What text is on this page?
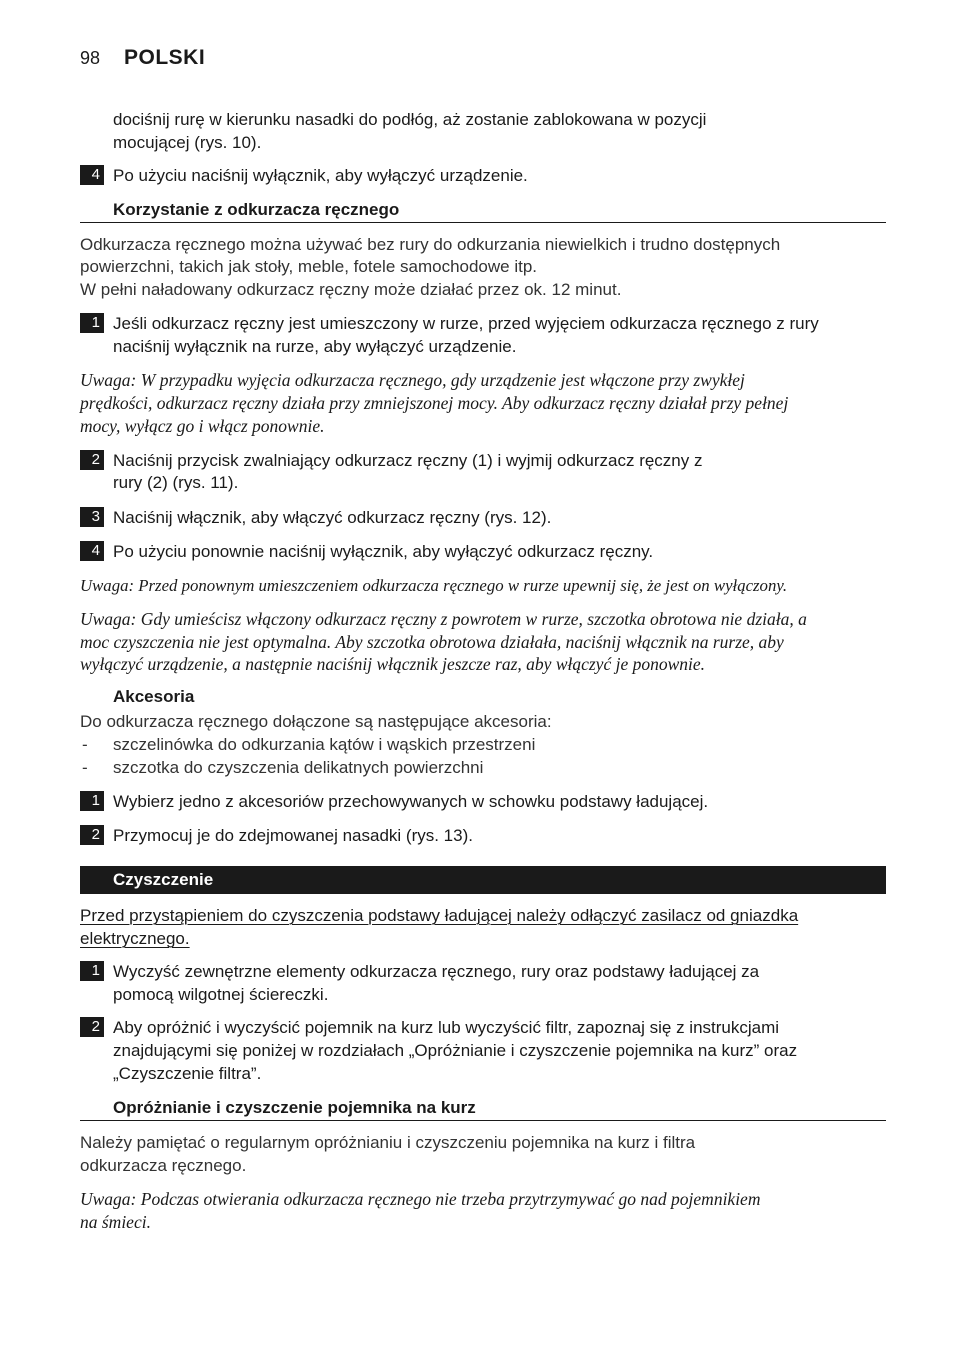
98 POLSKI
dociśnij rurę w kierunku nasadki do podłóg, aż zostanie zablokowana w pozycji
mocującej (rys. 10).
4 Po użyciu naciśnij wyłącznik, aby wyłączyć urządzenie.
Korzystanie z odkurzacza ręcznego
Odkurzacza ręcznego można używać bez rury do odkurzania niewielkich i trudno dostępnych
powierzchni, takich jak stoły, meble, fotele samochodowe itp.
W pełni naładowany odkurzacz ręczny może działać przez ok. 12 minut.
1 Jeśli odkurzacz ręczny jest umieszczony w rurze, przed wyjęciem odkurzacza ręcznego z rury
naciśnij wyłącznik na rurze, aby wyłączyć urządzenie.
Uwaga: W przypadku wyjęcia odkurzacza ręcznego, gdy urządzenie jest włączone przy zwykłej
prędkości, odkurzacz ręczny działa przy zmniejszonej mocy. Aby odkurzacz ręczny działał przy pełnej
mocy, wyłącz go i włącz ponownie.
2 Naciśnij przycisk zwalniający odkurzacz ręczny (1) i wyjmij odkurzacz ręczny z
rury (2) (rys. 11).
3 Naciśnij włącznik, aby włączyć odkurzacz ręczny (rys. 12).
4 Po użyciu ponownie naciśnij wyłącznik, aby wyłączyć odkurzacz ręczny.
Uwaga: Przed ponownym umieszczeniem odkurzacza ręcznego w rurze upewnij się, że jest on wyłączony.
Uwaga: Gdy umieścisz włączony odkurzacz ręczny z powrotem w rurze, szczotka obrotowa nie działa, a
moc czyszczenia nie jest optymalna. Aby szczotka obrotowa działała, naciśnij włącznik na rurze, aby
wyłączyć urządzenie, a następnie naciśnij włącznik jeszcze raz, aby włączyć je ponownie.
Akcesoria
Do odkurzacza ręcznego dołączone są następujące akcesoria:
- szczelinówka do odkurzania kątów i wąskich przestrzeni
- szczotka do czyszczenia delikatnych powierzchni
1 Wybierz jedno z akcesoriów przechowywanych w schowku podstawy ładującej.
2 Przymocuj je do zdejmowanej nasadki (rys. 13).
Czyszczenie
Przed przystąpieniem do czyszczenia podstawy ładującej należy odłączyć zasilacz od gniazdka
elektrycznego.
1 Wyczyść zewnętrzne elementy odkurzacza ręcznego, rury oraz podstawy ładującej za
pomocą wilgotnej ściereczki.
2 Aby opróżnić i wyczyścić pojemnik na kurz lub wyczyścić filtr, zapoznaj się z instrukcjami
znajdującymi się poniżej w rozdziałach „Opróżnianie i czyszczenie pojemnika na kurz” oraz
„Czyszczenie filtra”.
Opróżnianie i czyszczenie pojemnika na kurz
Należy pamiętać o regularnym opróżnianiu i czyszczeniu pojemnika na kurz i filtra
odkurzacza ręcznego.
Uwaga: Podczas otwierania odkurzacza ręcznego nie trzeba przytrzymywać go nad pojemnikiem
na śmieci.
